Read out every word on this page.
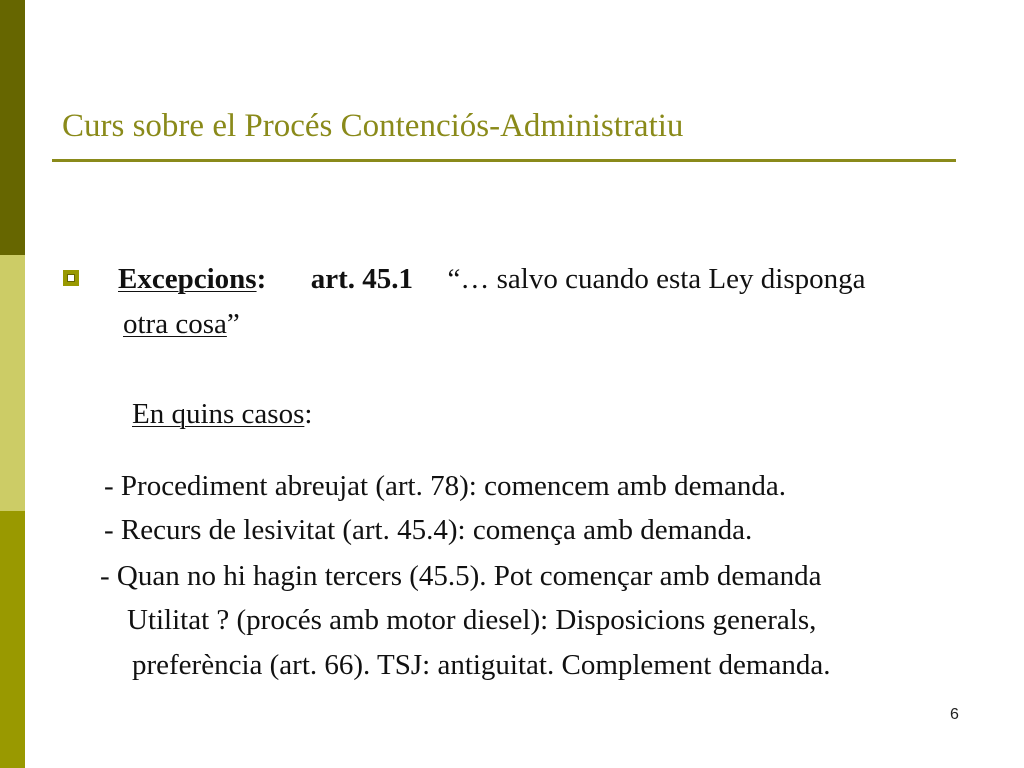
Curs sobre el Procés Contenciós-Administratiu
Excepcions: art. 45.1 “… salvo cuando esta Ley disponga
otra cosa”
En quins casos:
- Procediment abreujat (art. 78): comencem amb demanda.
- Recurs de lesivitat (art. 45.4): comença amb demanda.
- Quan no hi hagin tercers (45.5). Pot començar amb demanda
Utilitat ? (procés amb motor diesel): Disposicions generals,
preferència (art. 66). TSJ: antiguitat. Complement demanda.
6
